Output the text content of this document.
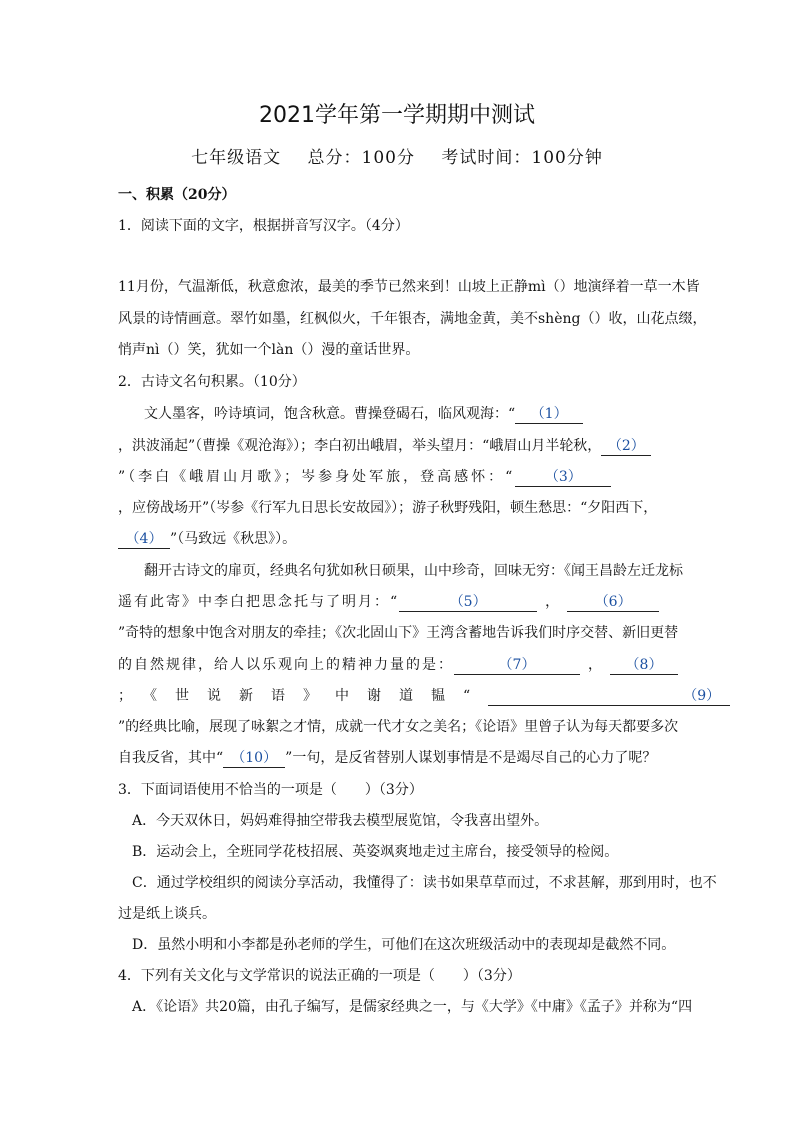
2021学年第一学期期中测试
七年级语文 总分：100分 考试时间：100分钟
一、积累（20分）
1．阅读下面的文字，根据拼音写汉字。（4分）
11月份，气温渐低，秋意愈浓，最美的季节已然来到！山坡上正静mì（）地演绎着一草一木皆
风景的诗情画意。翠竹如墨，红枫似火，千年银杏，满地金黄，美不shèng（）收，山花点缀，
悄声nì（）笑，犹如一个làn（）漫的童话世界。
2．古诗文名句积累。（10分）
文人墨客，吟诗填词，饱含秋意。曹操登碣石，临风观海：“ （1）
，洪波涌起”（曹操《观沧海》）；李白初出峨眉，举头望月：“峨眉山月半轮秋， （2）
”（李白《峨眉山月歌》；岑参身处军旅，登高感怀：“ （3）
，应傍战场开”（岑参《行军九日思长安故园》）；游子秋野残阳，顿生愁思：“夕阳西下，
（4） ”（马致远《秋思》）。
翻开古诗文的扉页，经典名句犹如秋日硕果，山中珍奇，回味无穷：《闻王昌龄左迁龙标
遥有此寄》中李白把思念托与了明月：“	（5）	，	（6）
”奇特的想象中饱含对朋友的牵挂；《次北固山下》王湾含蓄地告诉我们时序交替、新旧更替
的自然规律，给人以乐观向上的精神力量的是：	（7）	， （8）
；《世说新语》中谢道韫“	（9）
”的经典比喻，展现了咏絮之才情，成就一代才女之美名；《论语》里曾子认为每天都要多次
自我反省，其中“ （10） ”一句，是反省替别人谋划事情是不是竭尽自己的心力了呢？
3．下面词语使用不恰当的一项是（　　）（3分）
A．今天双休日，妈妈难得抽空带我去模型展览馆，令我喜出望外。
B．运动会上，全班同学花枝招展、英姿飒爽地走过主席台，接受领导的检阅。
C．通过学校组织的阅读分享活动，我懂得了：读书如果草草而过，不求甚解，那到用时，也不
过是纸上谈兵。
D．虽然小明和小李都是孙老师的学生，可他们在这次班级活动中的表现却是截然不同。
4．下列有关文化与文学常识的说法正确的一项是（　　）（3分）
A．《论语》共20篇，由孔子编写，是儒家经典之一，与《大学》《中庸》《孟子》并称为“四
